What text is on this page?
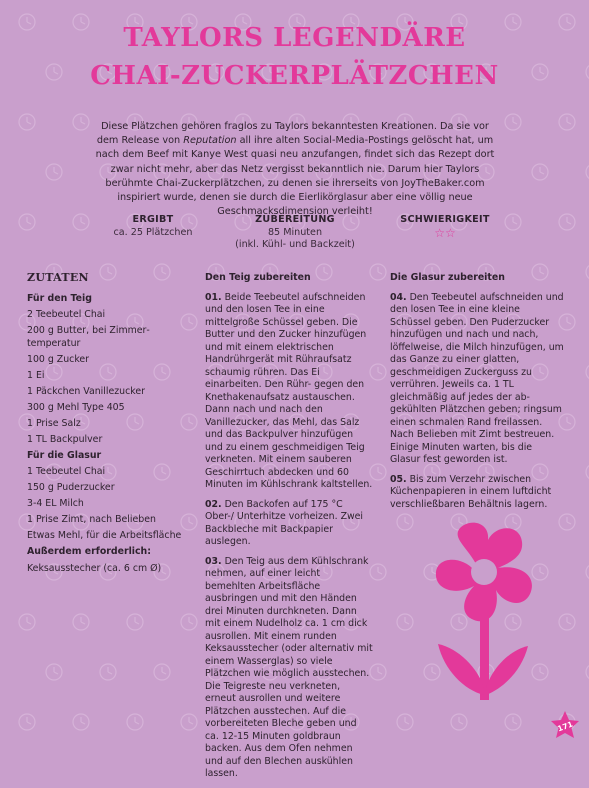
TAYLORS LEGENDÄRE
CHAI-ZUCKERPLÄTZCHEN
Diese Plätzchen gehören fraglos zu Taylors bekanntesten Kreationen. Da sie vor dem Release von Reputation all ihre alten Social-Media-Postings gelöscht hat, um nach dem Beef mit Kanye West quasi neu anzufangen, findet sich das Rezept dort zwar nicht mehr, aber das Netz vergisst bekanntlich nie. Darum hier Taylors berühmte Chai-Zuckerplätzchen, zu denen sie ihrerseits von JoyTheBaker.com inspiriert wurde, denen sie durch die Eierlikörglasur aber eine völlig neue Geschmacksdimension verleiht!
ERGIBT
ca. 25 Plätzchen
ZUBEREITUNG
85 Minuten
(inkl. Kühl- und Backzeit)
SCHWIERIGKEIT
☆☆
ZUTATEN
Für den Teig
2 Teebeutel Chai
200 g Butter, bei Zimmertemperatur
100 g Zucker
1 Ei
1 Päckchen Vanillezucker
300 g Mehl Type 405
1 Prise Salz
1 TL Backpulver
Für die Glasur
1 Teebeutel Chai
150 g Puderzucker
3-4 EL Milch
1 Prise Zimt, nach Belieben
Etwas Mehl, für die Arbeitsfläche
Außerdem erforderlich:
Keksausstecher (ca. 6 cm Ø)
Den Teig zubereiten
01. Beide Teebeutel aufschneiden und den losen Tee in eine mittelgroße Schüssel geben. Die Butter und den Zucker hinzufügen und mit einem elektrischen Handrührgerät mit Rühraufsatz schaumig rühren. Das Ei einarbeiten. Den Rühr- gegen den Knethakenaufsatz austauschen. Dann nach und nach den Vanillezucker, das Mehl, das Salz und das Backpulver hinzufügen und zu einem geschmeidigen Teig verkneten. Mit einem sauberen Geschirrtuch abdecken und 60 Minuten im Kühlschrank kaltstellen.
02. Den Backofen auf 175 °C Ober-/ Unterhitze vorheizen. Zwei Backbleche mit Backpapier auslegen.
03. Den Teig aus dem Kühlschrank nehmen, auf einer leicht bemehlten Arbeitsfläche ausbringen und mit den Händen drei Minuten durchkneten. Dann mit einem Nudelholz ca. 1 cm dick ausrollen. Mit einem runden Keksausstecher (oder alternativ mit einem Wasserglas) so viele Plätzchen wie möglich ausstechen. Die Teigreste neu verkneten, erneut ausrollen und weitere Plätzchen ausstechen. Auf die vorbereiteten Bleche geben und ca. 12-15 Minuten goldbraun backen. Aus dem Ofen nehmen und auf den Blechen auskühlen lassen.
Die Glasur zubereiten
04. Den Teebeutel aufschneiden und den losen Tee in eine kleine Schüssel geben. Den Puderzucker hinzufügen und nach und nach, löffelweise, die Milch hinzufügen, um das Ganze zu einer glatten, geschmeidigen Zuckerguss zu verrühren. Jeweils ca. 1 TL gleichmäßig auf jedes der abgekühlten Plätzchen geben; ringsum einen schmalen Rand freilassen. Nach Belieben mit Zimt bestreuen. Einige Minuten warten, bis die Glasur fest geworden ist.
05. Bis zum Verzehr zwischen Küchenpapieren in einem luftdicht verschließbaren Behältnis lagern.
171
